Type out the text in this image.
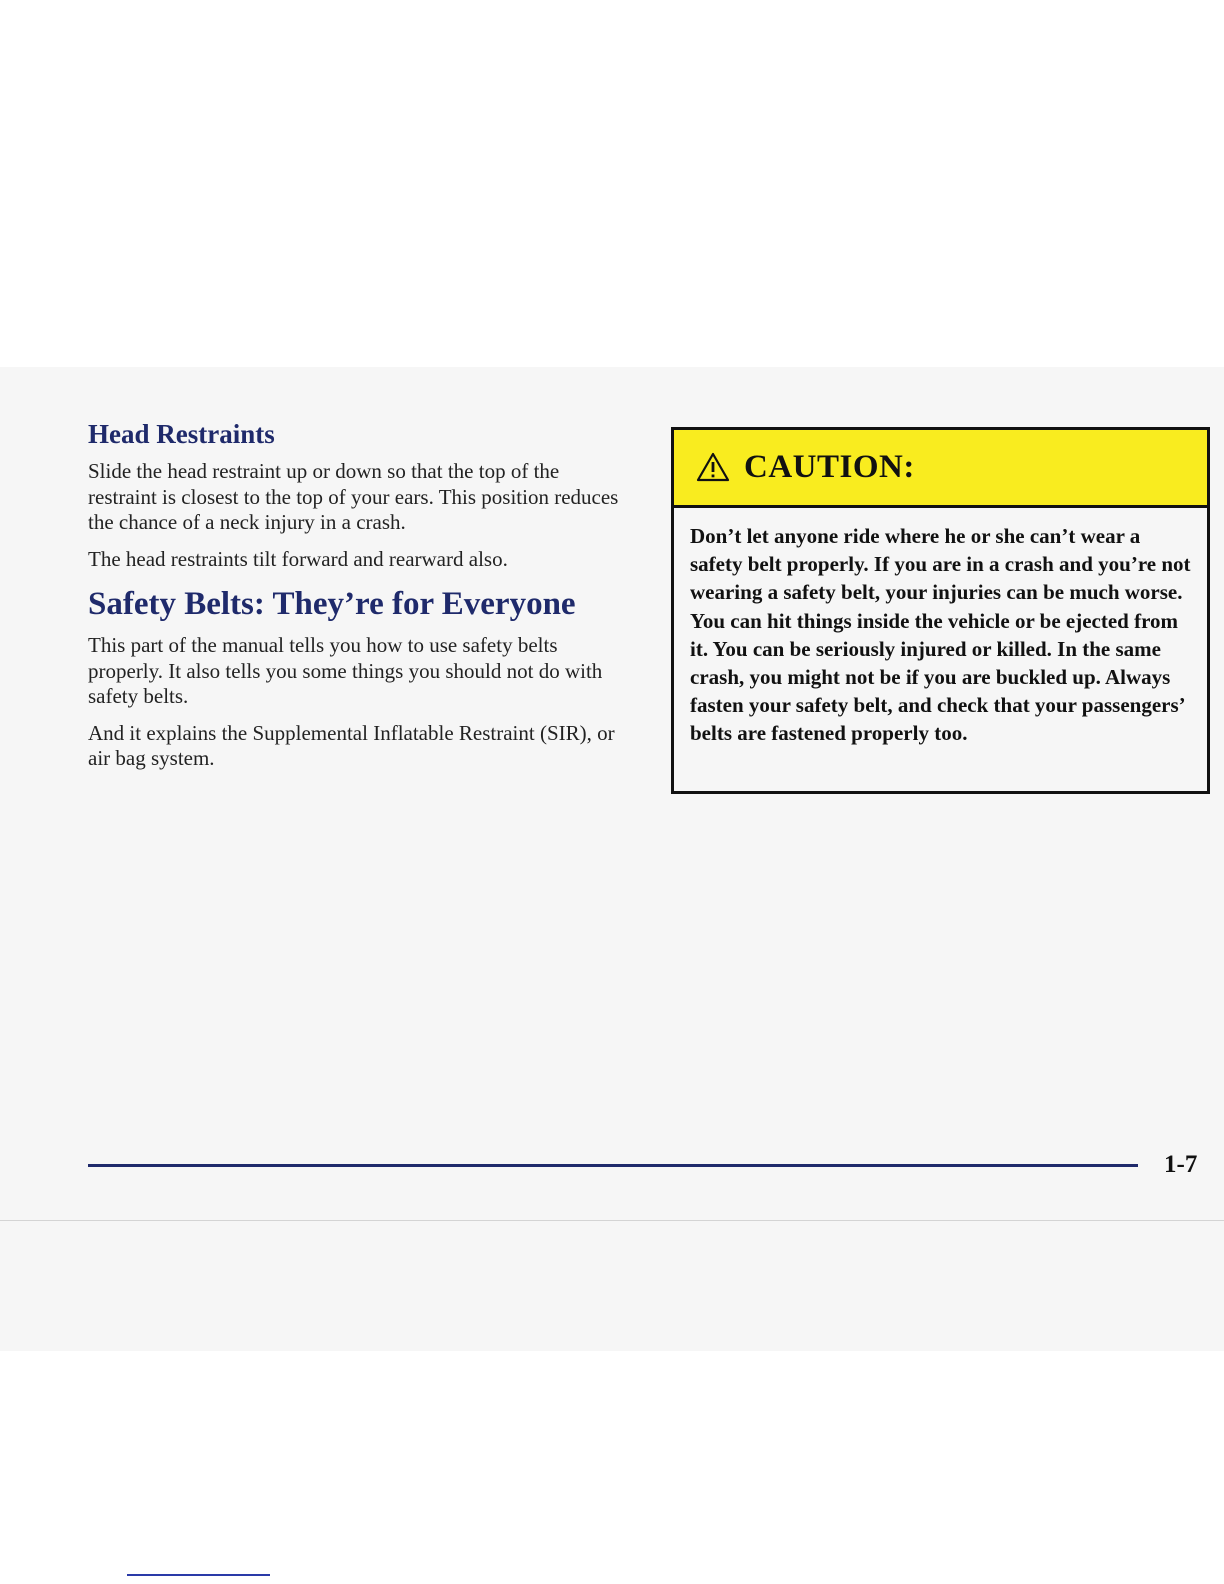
Head Restraints

Slide the head restraint up or down so that the top of the restraint is closest to the top of your ears. This position reduces the chance of a neck injury in a crash.

The head restraints tilt forward and rearward also.

Safety Belts: They’re for Everyone

This part of the manual tells you how to use safety belts properly. It also tells you some things you should not do with safety belts.

And it explains the Supplemental Inflatable Restraint (SIR), or air bag system.

CAUTION:

Don’t let anyone ride where he or she can’t wear a safety belt properly. If you are in a crash and you’re not wearing a safety belt, your injuries can be much worse. You can hit things inside the vehicle or be ejected from it. You can be seriously injured or killed. In the same crash, you might not be if you are buckled up. Always fasten your safety belt, and check that your passengers’ belts are fastened properly too.

1-7
